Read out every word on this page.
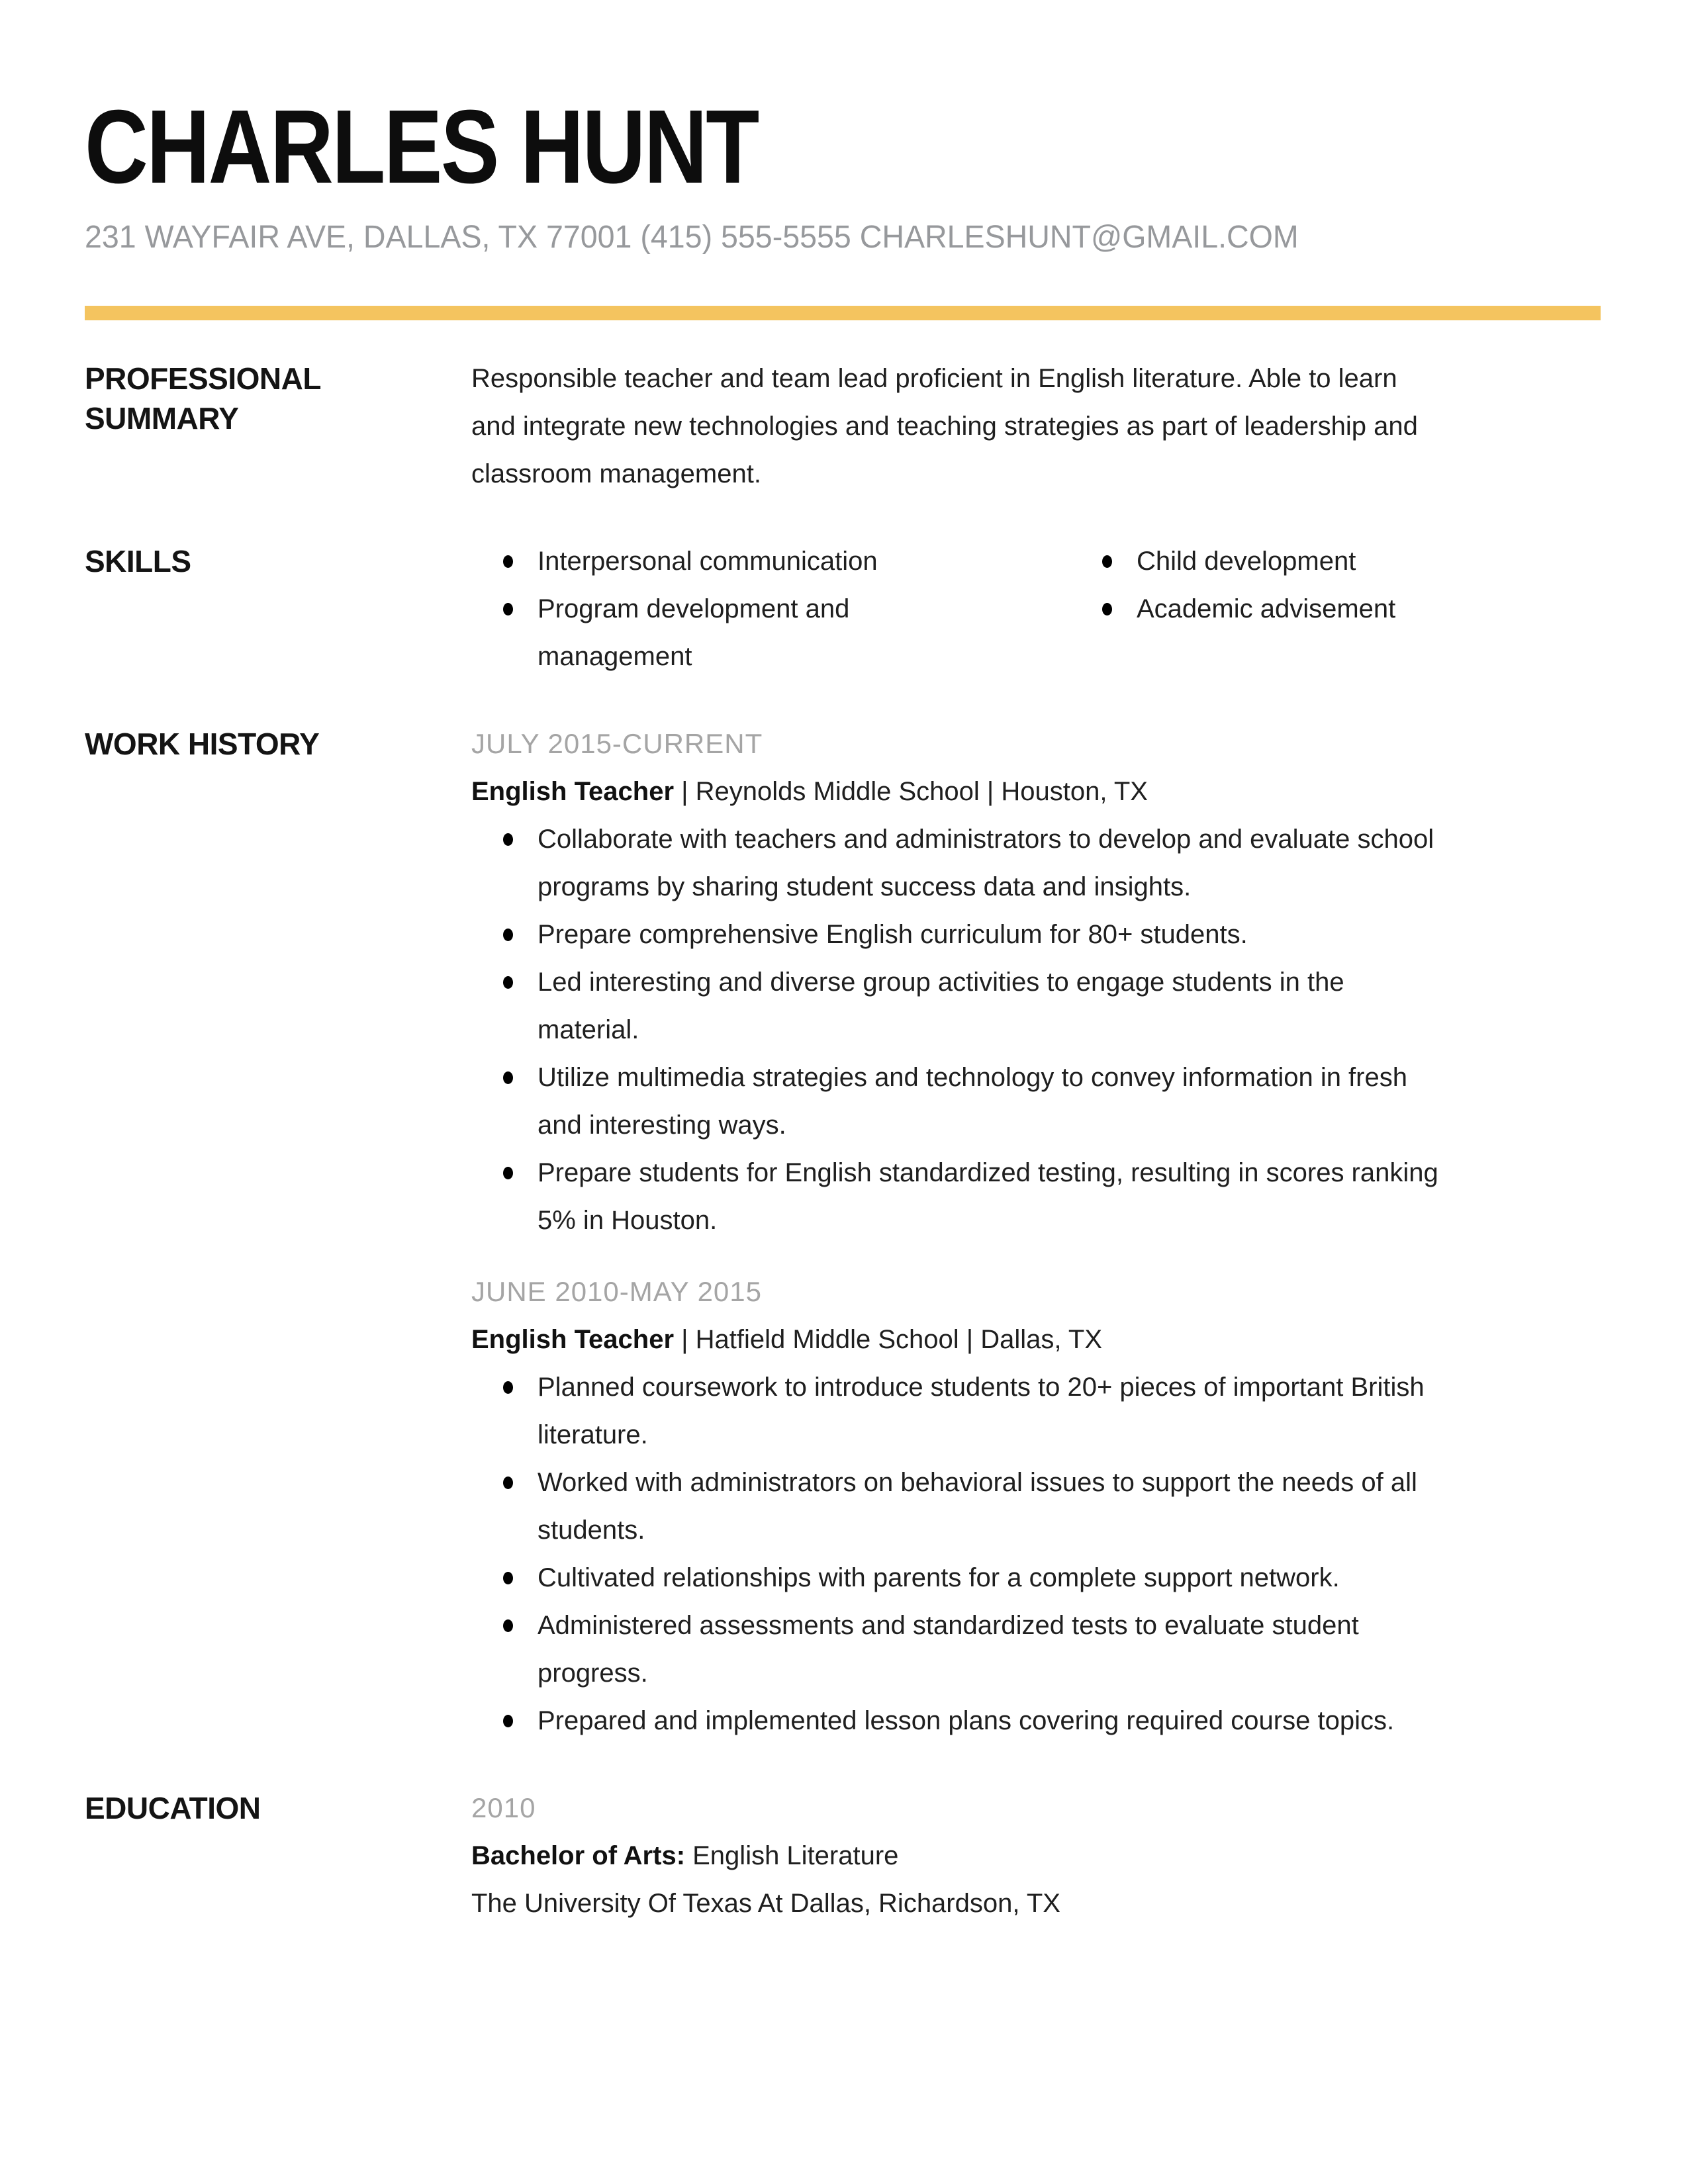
CHARLES HUNT
231 WAYFAIR AVE, DALLAS, TX 77001 (415) 555-5555 CHARLESHUNT@GMAIL.COM
PROFESSIONAL SUMMARY
Responsible teacher and team lead proficient in English literature. Able to learn and integrate new technologies and teaching strategies as part of leadership and classroom management.
SKILLS	Interpersonal communication
Program development and management
Child development
Academic advisement
WORK HISTORY	JULY 2015-CURRENT
English Teacher | Reynolds Middle School | Houston, TX
Collaborate with teachers and administrators to develop and evaluate school programs by sharing student success data and insights.
Prepare comprehensive English curriculum for 80+ students.
Led interesting and diverse group activities to engage students in the material.
Utilize multimedia strategies and technology to convey information in fresh and interesting ways.
Prepare students for English standardized testing, resulting in scores ranking 5% in Houston.
JUNE 2010-MAY 2015
English Teacher | Hatfield Middle School | Dallas, TX
Planned coursework to introduce students to 20+ pieces of important British literature.
Worked with administrators on behavioral issues to support the needs of all students.
Cultivated relationships with parents for a complete support network.
Administered assessments and standardized tests to evaluate student progress.
Prepared and implemented lesson plans covering required course topics.
EDUCATION	2010
Bachelor of Arts: English Literature
The University Of Texas At Dallas, Richardson, TX
